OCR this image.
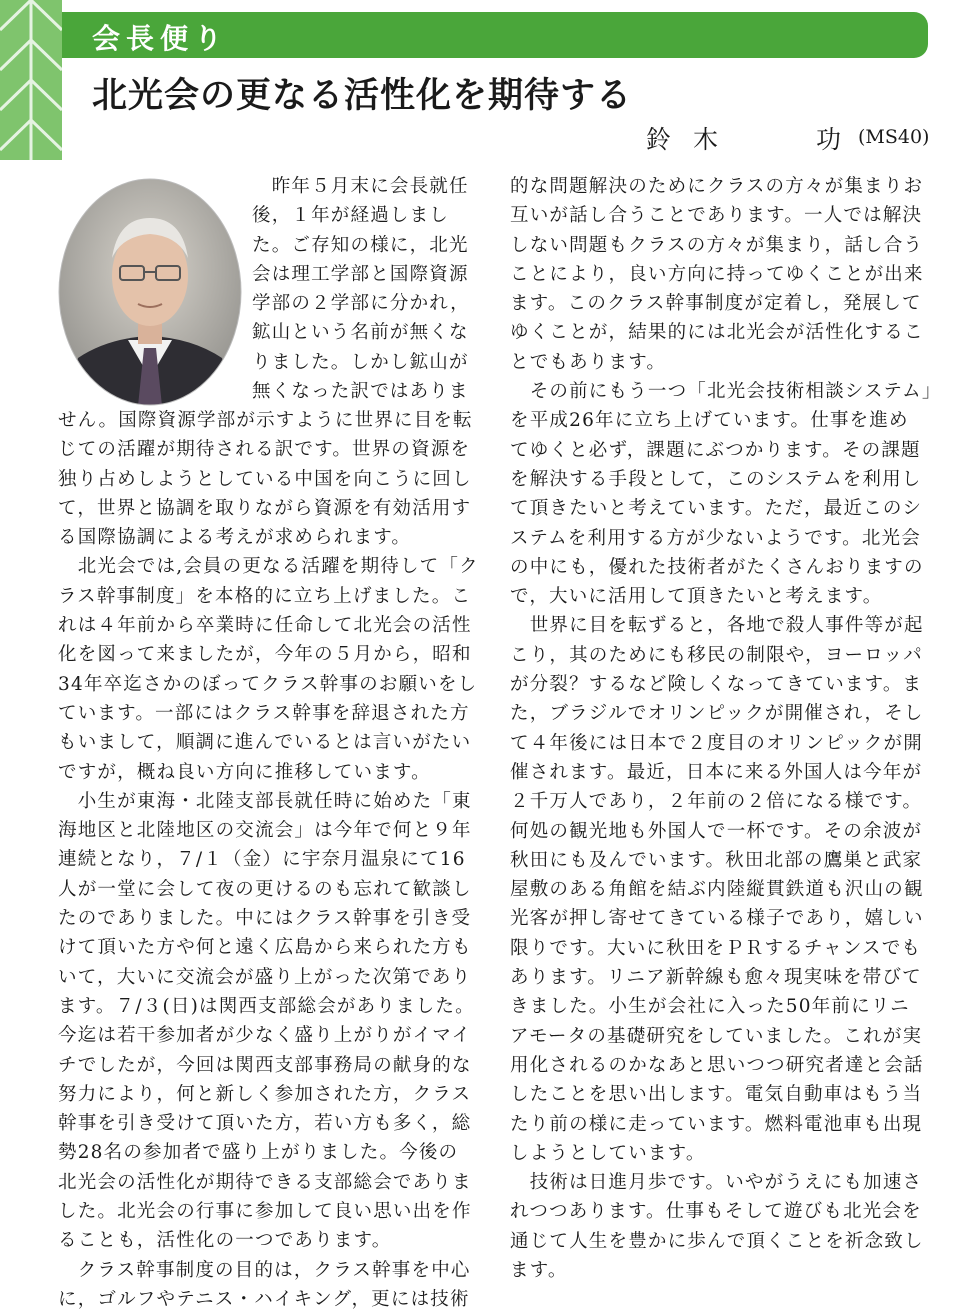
会長便り
北光会の更なる活性化を期待する
鈴木	功 (MS40)
　昨年５月末に会長就任
後，１年が経過しまし
た。ご存知の様に，北光
会は理工学部と国際資源
学部の２学部に分かれ，
鉱山という名前が無くな
りました。しかし鉱山が
無くなった訳ではありま
せん。国際資源学部が示すように世界に目を転
じての活躍が期待される訳です。世界の資源を
独り占めしようとしている中国を向こうに回し
て，世界と協調を取りながら資源を有効活用す
る国際協調による考えが求められます。
　北光会では,会員の更なる活躍を期待して「ク
ラス幹事制度」を本格的に立ち上げました。こ
れは４年前から卒業時に任命して北光会の活性
化を図って来ましたが，今年の５月から，昭和
34年卒迄さかのぼってクラス幹事のお願いをし
ています。一部にはクラス幹事を辞退された方
もいまして，順調に進んでいるとは言いがたい
ですが，概ね良い方向に推移しています。
　小生が東海・北陸支部長就任時に始めた「東
海地区と北陸地区の交流会」は今年で何と９年
連続となり，７/１（金）に宇奈月温泉にて16
人が一堂に会して夜の更けるのも忘れて歓談し
たのでありました。中にはクラス幹事を引き受
けて頂いた方や何と遠く広島から来られた方も
いて，大いに交流会が盛り上がった次第であり
ます。７/３(日)は関西支部総会がありました。
今迄は若干参加者が少なく盛り上がりがイマイ
チでしたが，今回は関西支部事務局の献身的な
努力により，何と新しく参加された方，クラス
幹事を引き受けて頂いた方，若い方も多く，総
勢28名の参加者で盛り上がりました。今後の
北光会の活性化が期待できる支部総会でありま
した。北光会の行事に参加して良い思い出を作
ることも，活性化の一つであります。
　クラス幹事制度の目的は，クラス幹事を中心
に，ゴルフやテニス・ハイキング，更には技術
的な問題解決のためにクラスの方々が集まりお
互いが話し合うことであります。一人では解決
しない問題もクラスの方々が集まり，話し合う
ことにより，良い方向に持ってゆくことが出来
ます。このクラス幹事制度が定着し，発展して
ゆくことが，結果的には北光会が活性化するこ
とでもあります。
　その前にもう一つ「北光会技術相談システム」
を平成26年に立ち上げています。仕事を進め
てゆくと必ず，課題にぶつかります。その課題
を解決する手段として，このシステムを利用し
て頂きたいと考えています。ただ，最近このシ
ステムを利用する方が少ないようです。北光会
の中にも，優れた技術者がたくさんおりますの
で，大いに活用して頂きたいと考えます。
　世界に目を転ずると，各地で殺人事件等が起
こり，其のためにも移民の制限や，ヨーロッパ
が分裂？するなど険しくなってきています。ま
た，ブラジルでオリンピックが開催され，そし
て４年後には日本で２度目のオリンピックが開
催されます。最近，日本に来る外国人は今年が
２千万人であり，２年前の２倍になる様です。
何処の観光地も外国人で一杯です。その余波が
秋田にも及んでいます。秋田北部の鷹巣と武家
屋敷のある角館を結ぶ内陸縦貫鉄道も沢山の観
光客が押し寄せてきている様子であり，嬉しい
限りです。大いに秋田をＰＲするチャンスでも
あります。リニア新幹線も愈々現実味を帯びて
きました。小生が会社に入った50年前にリニ
アモータの基礎研究をしていました。これが実
用化されるのかなあと思いつつ研究者達と会話
したことを思い出します。電気自動車はもう当
たり前の様に走っています。燃料電池車も出現
しようとしています。
　技術は日進月歩です。いやがうえにも加速さ
れつつあります。仕事もそして遊びも北光会を
通じて人生を豊かに歩んで頂くことを祈念致し
ます。
